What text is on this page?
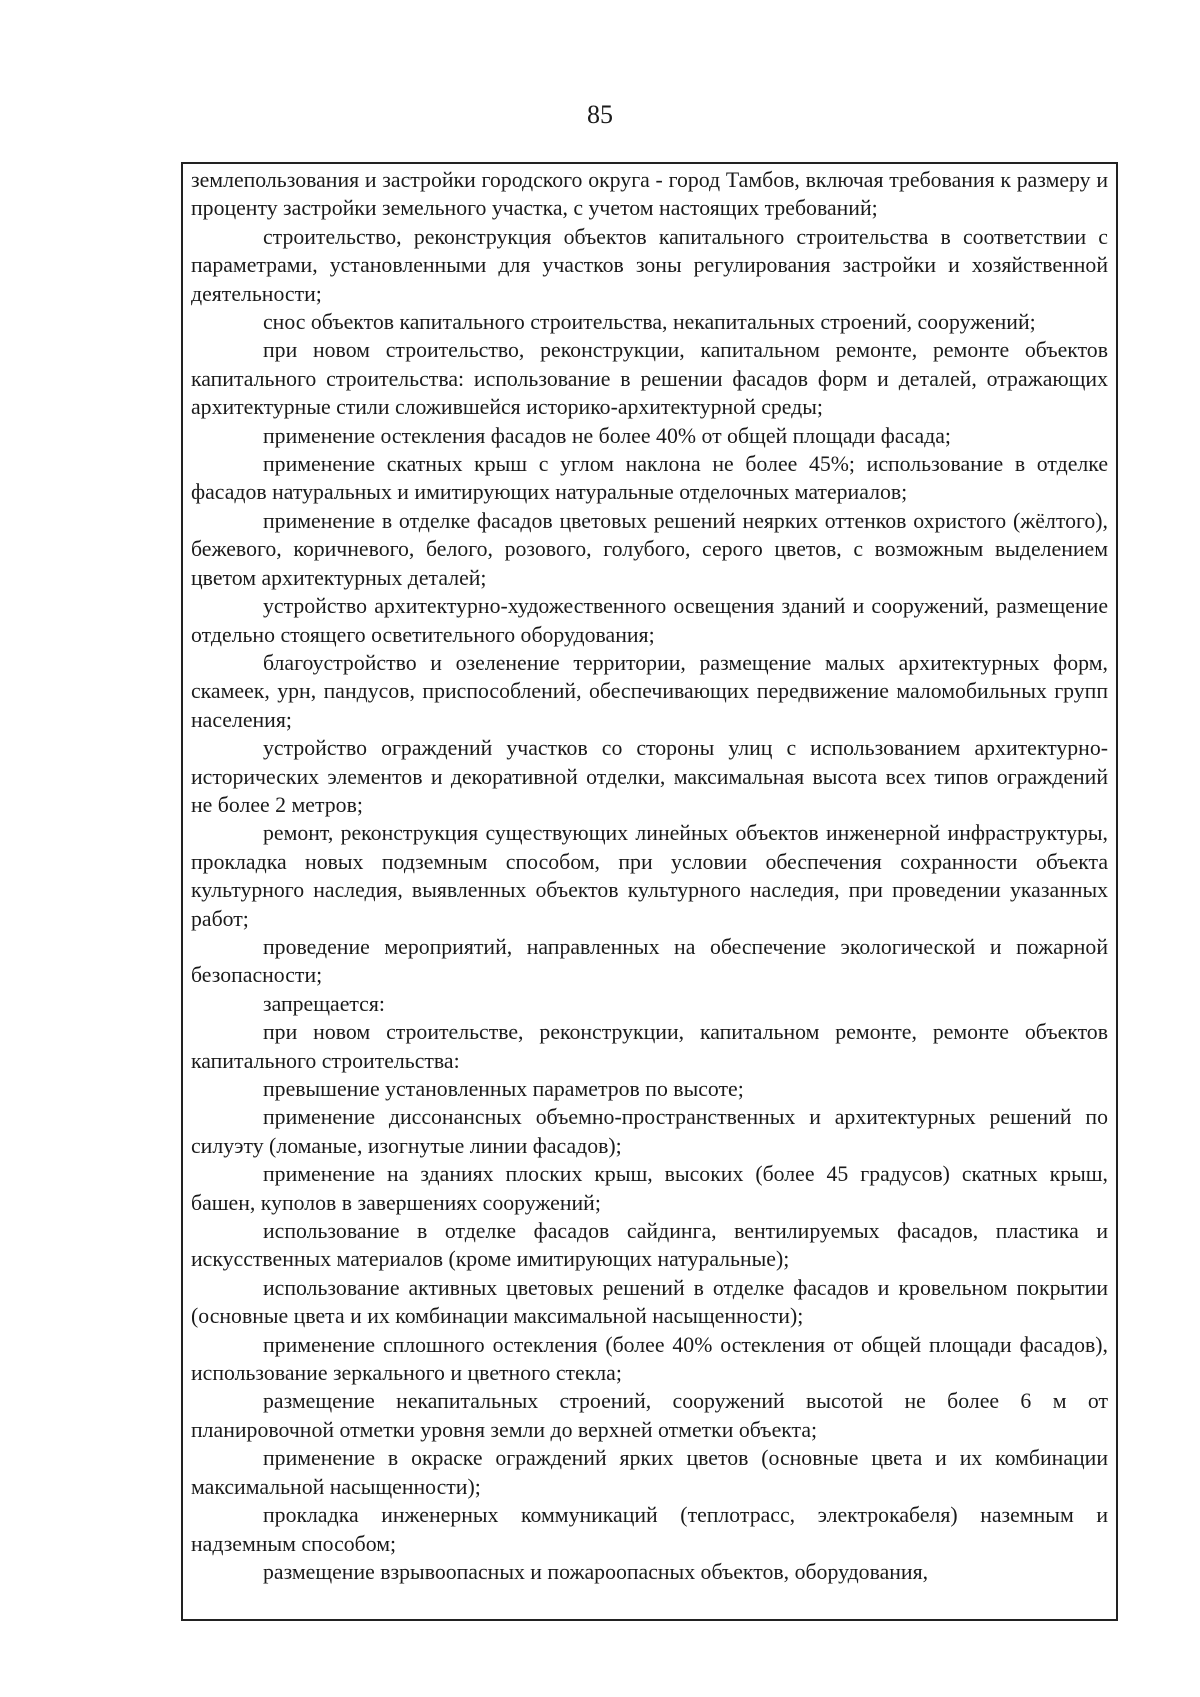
85

землепользования и застройки городского округа - город Тамбов, включая требования к размеру и проценту застройки земельного участка, с учетом настоящих требований;

строительство, реконструкция объектов капитального строительства в соответствии с параметрами, установленными для участков зоны регулирования застройки и хозяйственной деятельности;

снос объектов капитального строительства, некапитальных строений, сооружений;

при новом строительство, реконструкции, капитальном ремонте, ремонте объектов капитального строительства: использование в решении фасадов форм и деталей, отражающих архитектурные стили сложившейся историко-архитектурной среды;

применение остекления фасадов не более 40% от общей площади фасада;

применение скатных крыш с углом наклона не более 45%; использование в отделке фасадов натуральных и имитирующих натуральные отделочных материалов;

применение в отделке фасадов цветовых решений неярких оттенков охристого (жёлтого), бежевого, коричневого, белого, розового, голубого, серого цветов, с возможным выделением цветом архитектурных деталей;

устройство архитектурно-художественного освещения зданий и сооружений, размещение отдельно стоящего осветительного оборудования;

благоустройство и озеленение территории, размещение малых архитектурных форм, скамеек, урн, пандусов, приспособлений, обеспечивающих передвижение маломобильных групп населения;

устройство ограждений участков со стороны улиц с использованием архитектурно-исторических элементов и декоративной отделки, максимальная высота всех типов ограждений не более 2 метров;

ремонт, реконструкция существующих линейных объектов инженерной инфраструктуры, прокладка новых подземным способом, при условии обеспечения сохранности объекта культурного наследия, выявленных объектов культурного наследия, при проведении указанных работ;

проведение мероприятий, направленных на обеспечение экологической и пожарной безопасности;

запрещается:

при новом строительстве, реконструкции, капитальном ремонте, ремонте объектов капитального строительства:

превышение установленных параметров по высоте;

применение диссонансных объемно-пространственных и архитектурных решений по силуэту (ломаные, изогнутые линии фасадов);

применение на зданиях плоских крыш, высоких (более 45 градусов) скатных крыш, башен, куполов в завершениях сооружений;

использование в отделке фасадов сайдинга, вентилируемых фасадов, пластика и искусственных материалов (кроме имитирующих натуральные);

использование активных цветовых решений в отделке фасадов и кровельном покрытии (основные цвета и их комбинации максимальной насыщенности);

применение сплошного остекления (более 40% остекления от общей площади фасадов), использование зеркального и цветного стекла;

размещение некапитальных строений, сооружений высотой не более 6 м от планировочной отметки уровня земли до верхней отметки объекта;

применение в окраске ограждений ярких цветов (основные цвета и их комбинации максимальной насыщенности);

прокладка инженерных коммуникаций (теплотрасс, электрокабеля) наземным и надземным способом;

размещение взрывоопасных и пожароопасных объектов, оборудования,
